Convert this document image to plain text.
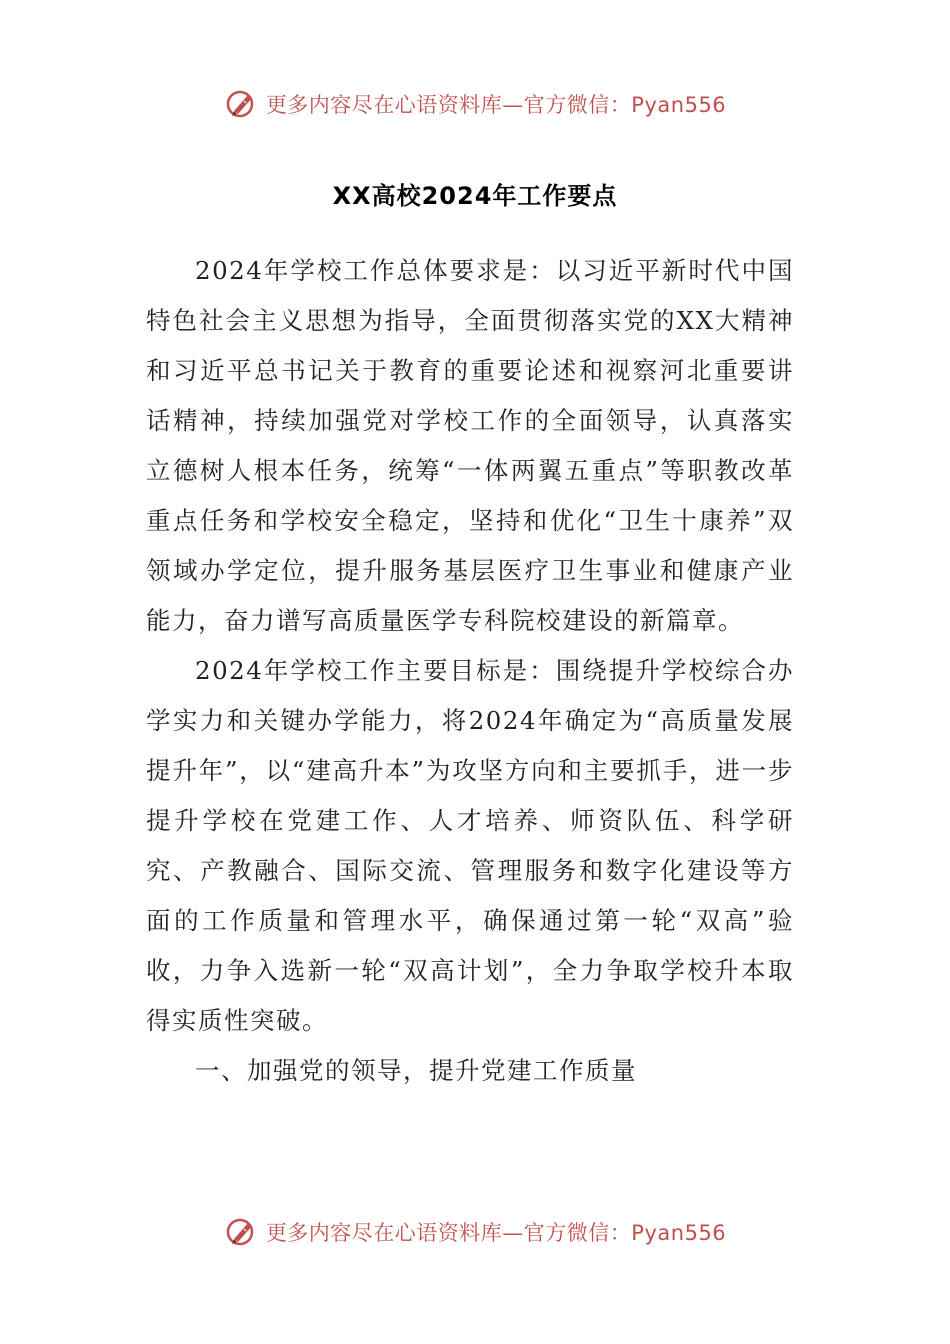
更多内容尽在心语资料库—官方微信：Pyan556
XX高校2024年工作要点

2024年学校工作总体要求是：以习近平新时代中国特色社会主义思想为指导，全面贯彻落实党的XX大精神和习近平总书记关于教育的重要论述和视察河北重要讲话精神，持续加强党对学校工作的全面领导，认真落实立德树人根本任务，统筹“一体两翼五重点”等职教改革重点任务和学校安全稳定，坚持和优化“卫生十康养”双领域办学定位，提升服务基层医疗卫生事业和健康产业能力，奋力谱写高质量医学专科院校建设的新篇章。

2024年学校工作主要目标是：围绕提升学校综合办学实力和关键办学能力，将2024年确定为“高质量发展提升年”，以“建高升本”为攻坚方向和主要抓手，进一步提升学校在党建工作、人才培养、师资队伍、科学研究、产教融合、国际交流、管理服务和数字化建设等方面的工作质量和管理水平，确保通过第一轮“双高”验收，力争入选新一轮“双高计划”，全力争取学校升本取得实质性突破。

一、加强党的领导，提升党建工作质量

更多内容尽在心语资料库—官方微信：Pyan556
